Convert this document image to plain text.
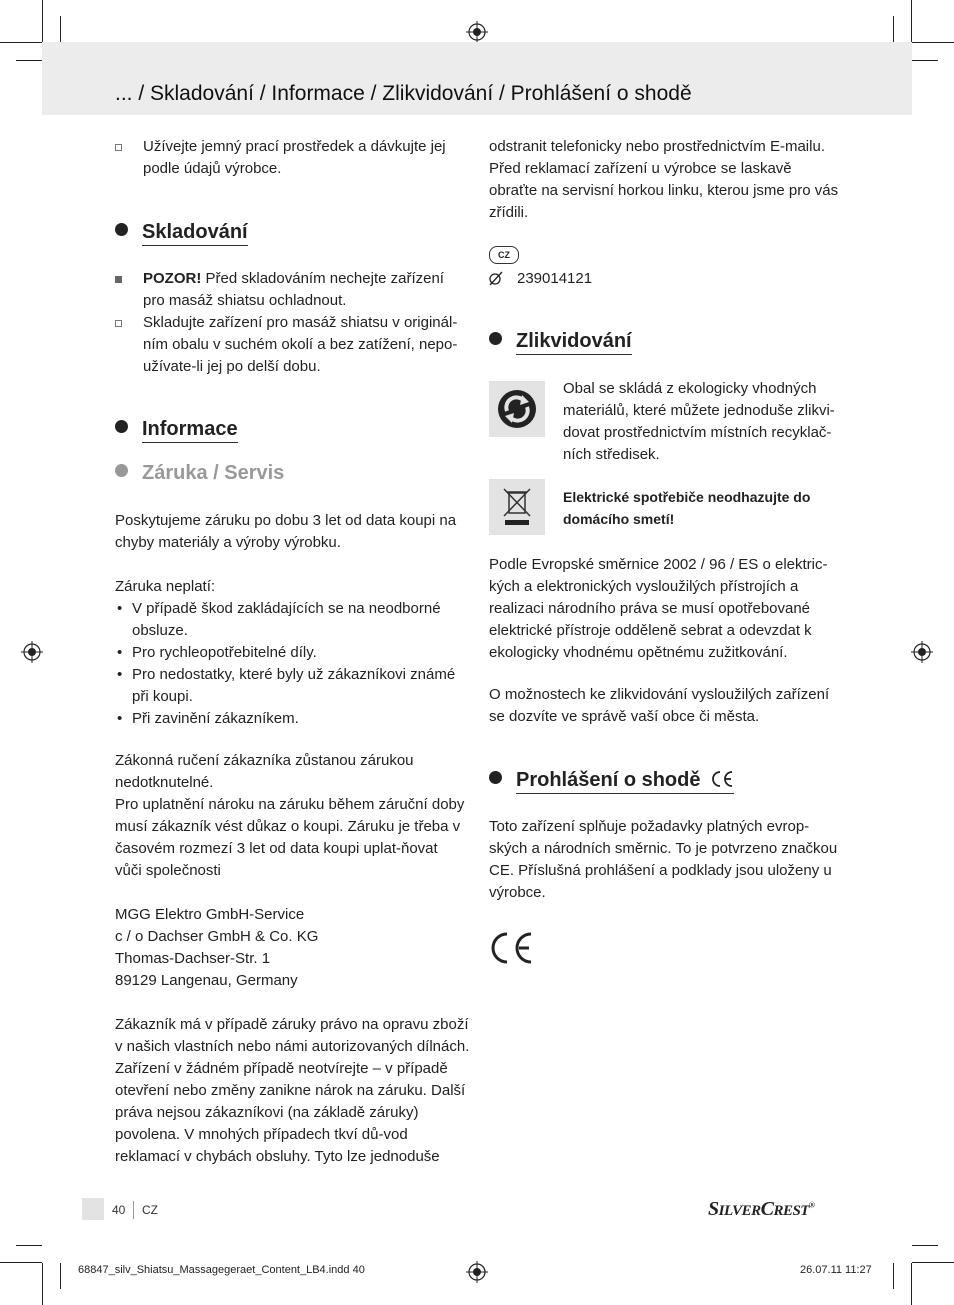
... / Skladování / Informace / Zlikvidování / Prohlášení o shodě
Užívejte jemný prací prostředek a dávkujte jej podle údajů výrobce.
Skladování
POZOR! Před skladováním nechejte zařízení pro masáž shiatsu ochladnout.
Skladujte zařízení pro masáž shiatsu v originál-ním obalu v suchém okolí a bez zatížení, nepo-užívate-li jej po delší dobu.
Informace
Záruka / Servis

Poskytujeme záruku po dobu 3 let od data koupi na chyby materiály a výroby výrobku.

Záruka neplatí:

• V případě škod zakládajících se na neodborné obsluze.
• Pro rychleopotřebitelné díly.
• Pro nedostatky, které byly už zákazníkovi známé při koupi.
• Při zavinění zákazníkem.

Zákonná ručení zákazníka zůstanou zárukou nedotknutelné.

Pro uplatnění nároku na záruku během záruční doby musí zákazník vést důkaz o koupi. Záruku je třeba v časovém rozmezí 3 let od data koupi uplat-ňovat vůči společnosti

MGG Elektro GmbH-Service
c / o Dachser GmbH & Co. KG
Thomas-Dachser-Str. 1
89129 Langenau, Germany

Zákazník má v případě záruky právo na opravu zboží v našich vlastních nebo námi autorizovaných dílnách. Zařízení v žádném případě neotvírejte – v případě otevření nebo změny zanikne nárok na záruku. Další práva nejsou zákazníkovi (na základě záruky) povolena. V mnohých případech tkví dů-vod reklamací v chybách obsluhy. Tyto lze jednoduše

odstranit telefonicky nebo prostřednictvím E-mailu. Před reklamací zařízení u výrobce se laskavě obraťte na servisní horkou linku, kterou jsme pro vás zřídili.

CZ
239014121
Zlikvidování

Obal se skládá z ekologicky vhodných materiálů, které můžete jednoduše zlikvi-dovat prostřednictvím místních recyklač-ních středisek.

Elektrické spotřebiče neodhazujte do domácího smetí!

Podle Evropské směrnice 2002 / 96 / ES o elektric-kých a elektronických vysloužilých přístrojích a realizaci národního práva se musí opotřebované elektrické přístroje odděleně sebrat a odevzdat k ekologicky vhodnému opětnému zužitkování.

O možnostech ke zlikvidování vysloužilých zařízení se dozvíte ve správě vaší obce či města.

Prohlášení o shodě

Toto zařízení splňuje požadavky platných evrop-ských a národních směrnic. To je potvrzeno značkou CE. Příslušná prohlášení a podklady jsou uloženy u výrobce.

40 CZ	SILVERCREST®
68847_silv_Shiatsu_Massagegeraet_Content_LB4.indd 40	26.07.11 11:27
